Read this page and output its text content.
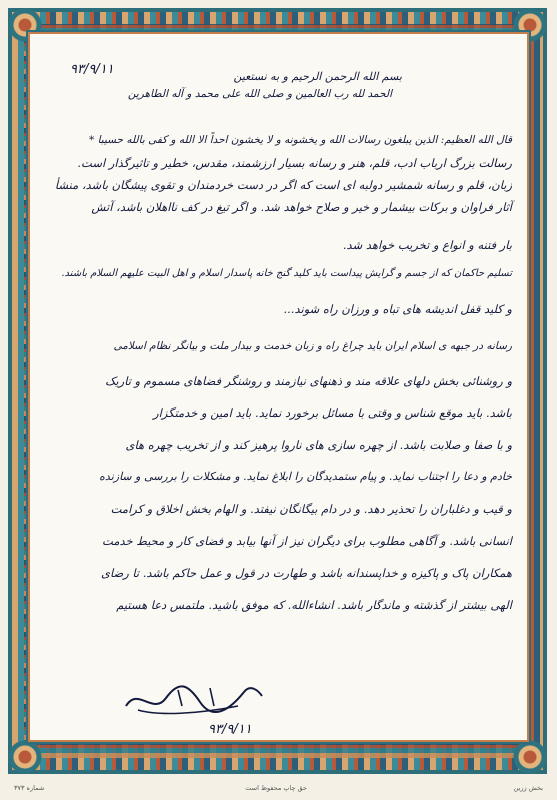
۹۳/۹/۱۱	بسم الله الرحمن الرحیم و به نستعین
الحمد لله رب العالمین و صلی الله علی محمد و آله الطاهرین
قال الله العظیم: الذین یبلغون رسالات الله و یخشونه و لا یخشون احداً الا الله و کفی بالله حسیبا *
رسالت بزرگ ارباب ادب، قلم، هنر و رسانه بسیار ارزشمند، مقدس، خطیر و تاثیرگذار است.
زبان، قلم و رسانه شمشیر دولبه ای است که اگر در دست خردمندان و تقوی پیشگان باشد، منشأ
آثار فراوان و برکات بیشمار و خیر و صلاح خواهد شد. و اگر تیغ در کف نااهلان باشد، آتش
بار فتنه و انواع و تخریب خواهد شد.
تسلیم حاکمان که از جسم و گرایش پیداست باید کلید گنج خانه پاسدار اسلام و اهل البیت علیهم السلام باشند.
و کلید قفل اندیشه های تباه و ورزان راه شوند...
رسانه در جبهه ی اسلام ایران باید چراغ راه و زبان خدمت و بیدار ملت و بیانگر نظام اسلامی
و روشنائی بخش دلهای علاقه مند و ذهنهای نیازمند و روشنگر فضاهای مسموم و تاریک
باشد. باید موقع شناس و وقتی با مسائل برخورد نماید. باید امین و خدمتگزار
و با صفا و صلابت باشد. از چهره سازی های ناروا پرهیز کند و از تخریب چهره های
خادم و دعا را اجتناب نماید. و پیام ستمدیدگان را ابلاغ نماید. و مشکلات را بررسی و سازنده
و قیب و دغلباران را تحذیر دهد. و در دام بیگانگان نیفتد. و الهام بخش اخلاق و کرامت
انسانی باشد. و آگاهی مطلوب برای دیگران نیز از آنها بیابد و فضای کار و محیط خدمت
همکاران پاک و پاکیزه و خداپسندانه باشد و طهارت در قول و عمل حاکم باشد. تا رضای
الهی بیشتر از گذشته و ماندگار باشد. انشاءالله. که موفق باشید. ملتمس دعا هستیم
۹۳/۹/۱۱
بخش زرین
حق چاپ محفوظ است
شماره ۳۷۳
